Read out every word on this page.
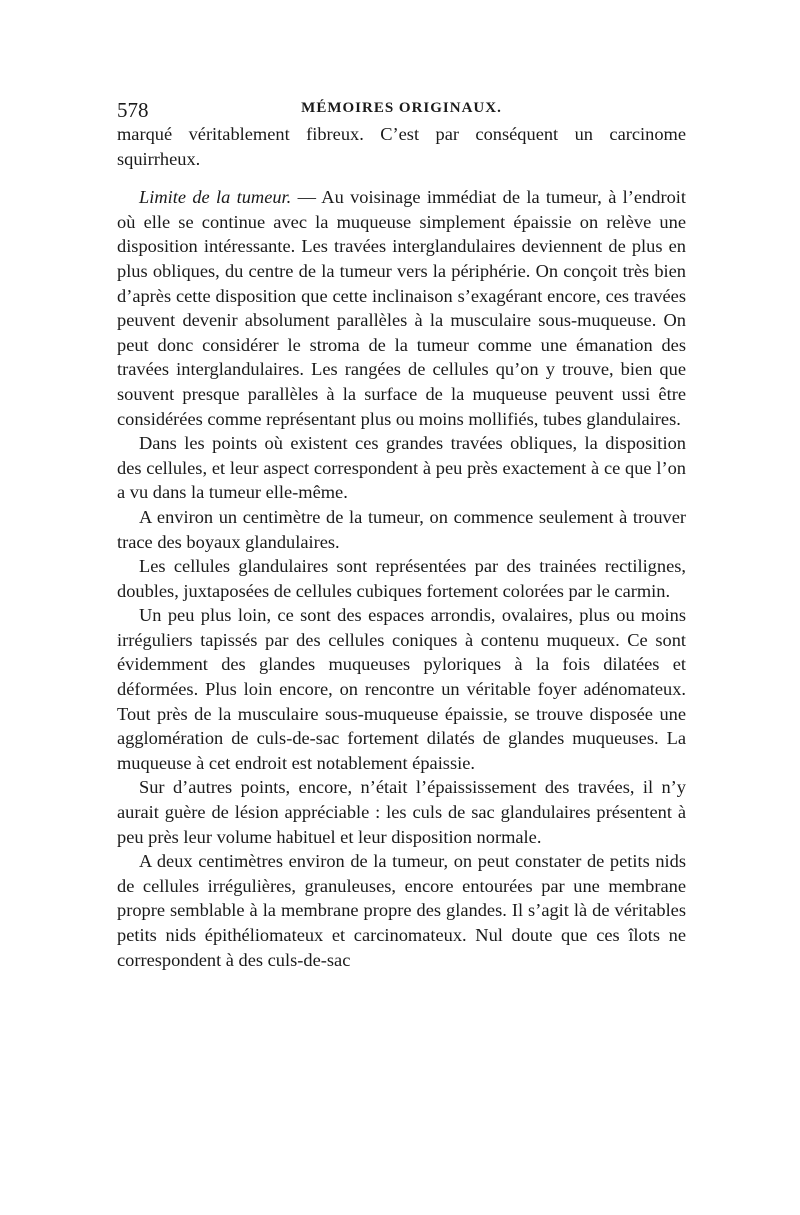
578	MÉMOIRES ORIGINAUX.

marqué véritablement fibreux. C’est par conséquent un carcinome squirrheux.

Limite de la tumeur. — Au voisinage immédiat de la tumeur, à l’endroit où elle se continue avec la muqueuse simplement épaissie on relève une disposition intéressante. Les travées interglandulaires deviennent de plus en plus obliques, du centre de la tumeur vers la périphérie. On conçoit très bien d’après cette disposition que cette inclinaison s’exagérant encore, ces travées peuvent devenir absolument parallèles à la musculaire sous-muqueuse. On peut donc considérer le stroma de la tumeur comme une émanation des travées interglandulaires. Les rangées de cellules qu’on y trouve, bien que souvent presque parallèles à la surface de la muqueuse peuvent ussi être considérées comme représentant plus ou moins mollifiés, tubes glandulaires.

Dans les points où existent ces grandes travées obliques, la disposition des cellules, et leur aspect correspondent à peu près exactement à ce que l’on a vu dans la tumeur elle-même.

A environ un centimètre de la tumeur, on commence seulement à trouver trace des boyaux glandulaires.

Les cellules glandulaires sont représentées par des trainées rectilignes, doubles, juxtaposées de cellules cubiques fortement colorées par le carmin.

Un peu plus loin, ce sont des espaces arrondis, ovalaires, plus ou moins irréguliers tapissés par des cellules coniques à contenu muqueux. Ce sont évidemment des glandes muqueuses pyloriques à la fois dilatées et déformées. Plus loin encore, on rencontre un véritable foyer adénomateux. Tout près de la musculaire sous-muqueuse épaissie, se trouve disposée une agglomération de culs-de-sac fortement dilatés de glandes muqueuses. La muqueuse à cet endroit est notablement épaissie.

Sur d’autres points, encore, n’était l’épaississement des travées, il n’y aurait guère de lésion appréciable : les culs de sac glandulaires présentent à peu près leur volume habituel et leur disposition normale.

A deux centimètres environ de la tumeur, on peut constater de petits nids de cellules irrégulières, granuleuses, encore entourées par une membrane propre semblable à la membrane propre des glandes. Il s’agit là de véritables petits nids épithéliomateux et carcinomateux. Nul doute que ces îlots ne correspondent à des culs-de-sac
